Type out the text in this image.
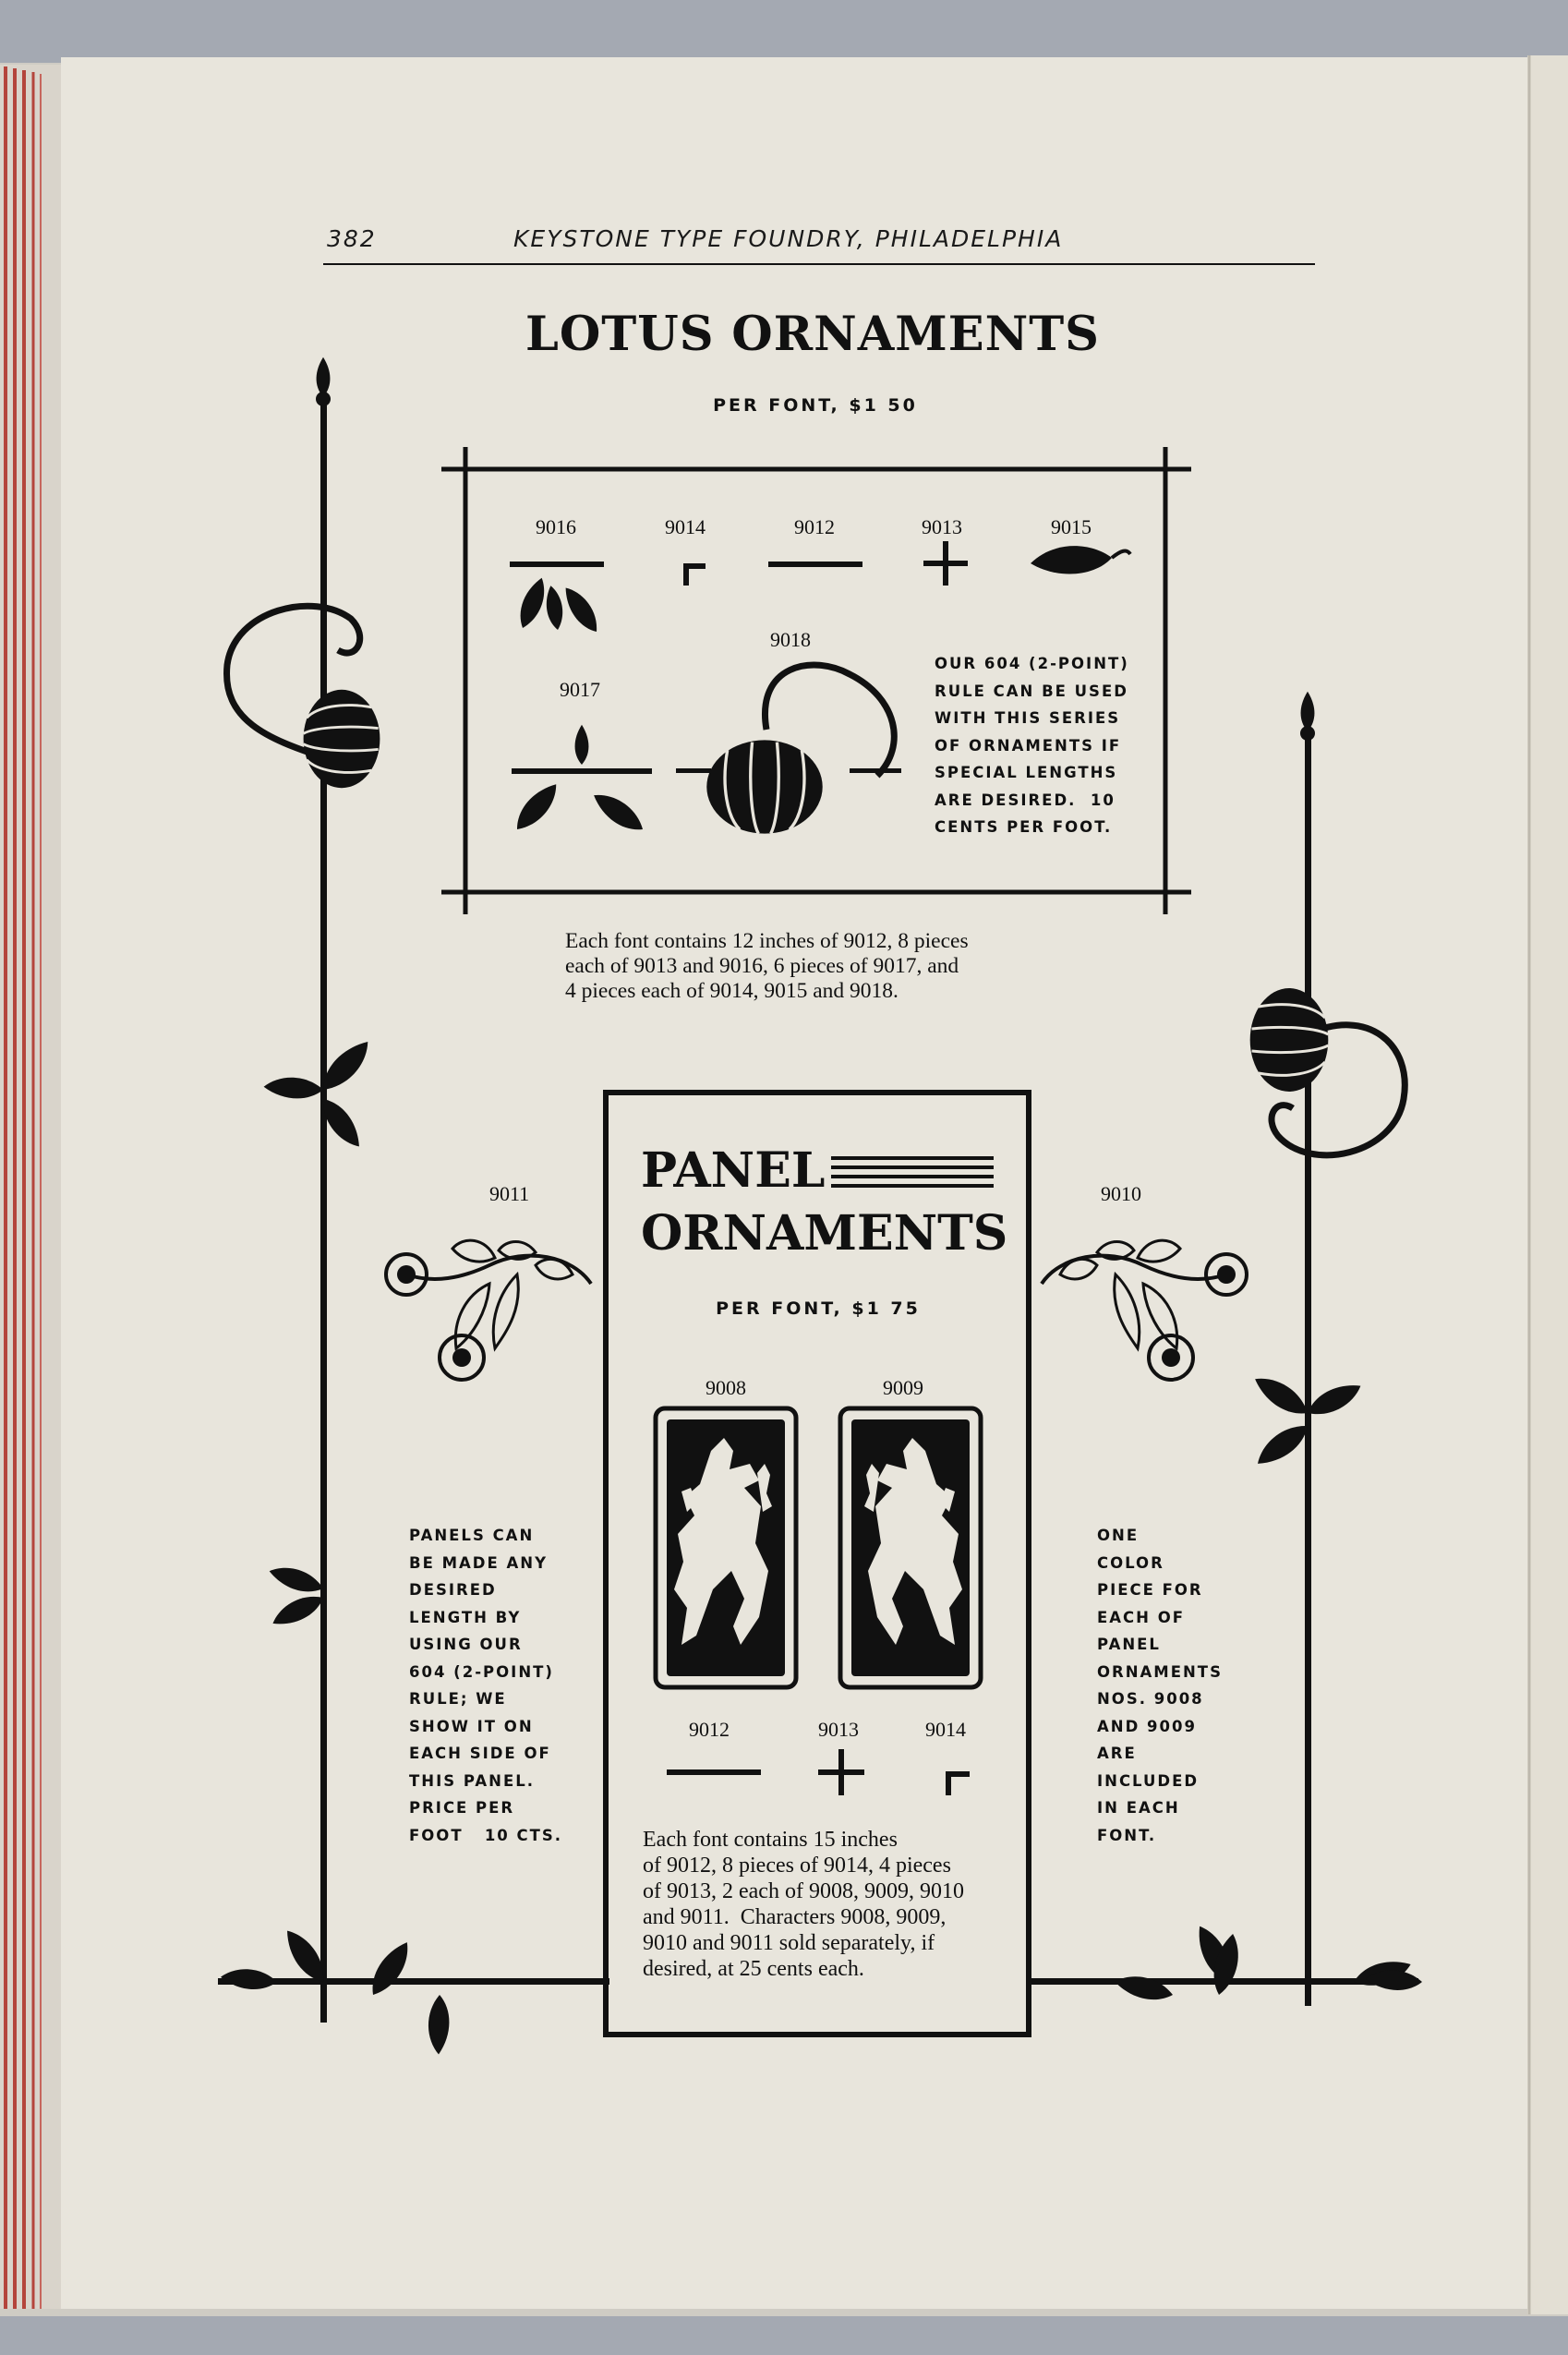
382	KEYSTONE TYPE FOUNDRY, PHILADELPHIA
LOTUS ORNAMENTS
PER FONT, $1 50
9016	9014	9012	9013	9015
9018
9017
OUR 604 (2-POINT)
RULE CAN BE USED
WITH THIS SERIES
OF ORNAMENTS IF
SPECIAL LENGTHS
ARE DESIRED.  10
CENTS PER FOOT.
Each font contains 12 inches of 9012, 8 pieces
each of 9013 and 9016, 6 pieces of 9017, and
4 pieces each of 9014, 9015 and 9018.
PANEL
ORNAMENTS
PER FONT, $1 75
9011	9010
9008	9009
9012	9013	9014
PANELS CAN
BE MADE ANY
DESIRED
LENGTH BY
USING OUR
604 (2-POINT)
RULE; WE
SHOW IT ON
EACH SIDE OF
THIS PANEL.
PRICE PER
FOOT   10 CTS.
ONE
COLOR
PIECE FOR
EACH OF
PANEL
ORNAMENTS
NOS. 9008
AND 9009
ARE
INCLUDED
IN EACH
FONT.
Each font contains 15 inches
of 9012, 8 pieces of 9014, 4 pieces
of 9013, 2 each of 9008, 9009, 9010
and 9011.  Characters 9008, 9009,
9010 and 9011 sold separately, if
desired, at 25 cents each.
